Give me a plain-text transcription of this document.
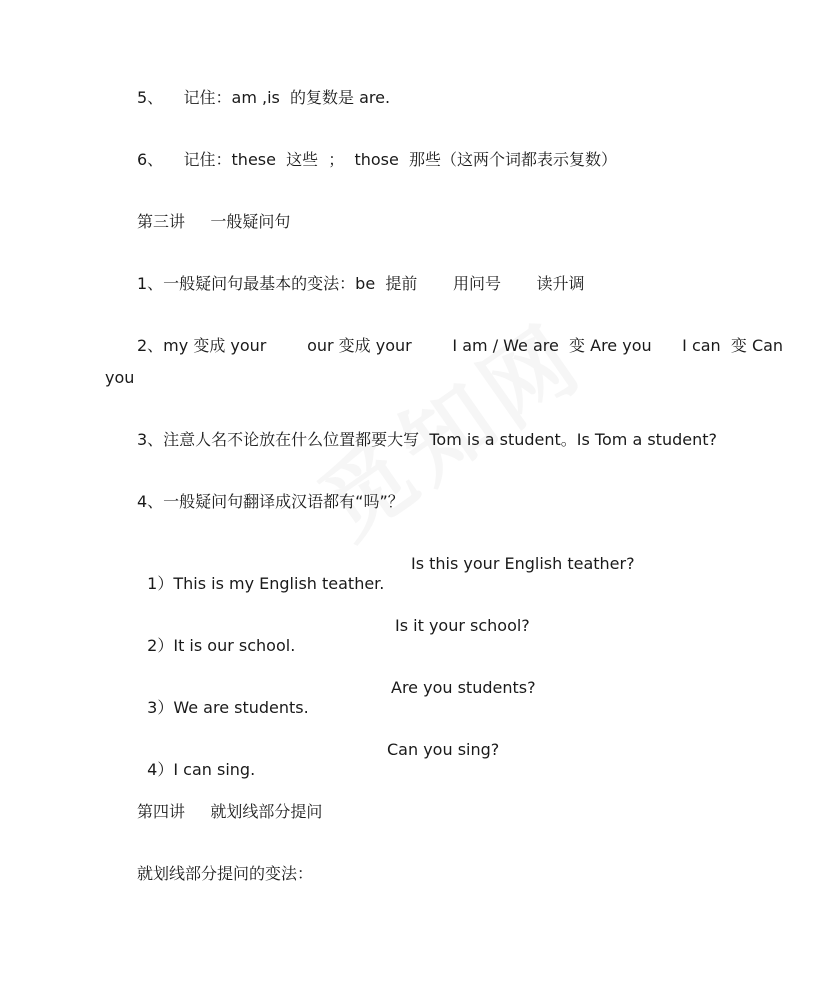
5、    记住：am ,is  的复数是 are.
6、    记住：these  这些  ；  those  那些（这两个词都表示复数）
第三讲     一般疑问句
1、一般疑问句最基本的变法：be  提前       用问号       读升调
2、my 变成 your        our 变成 your        I am / We are  变 Are you      I can  变 Can
you
3、注意人名不论放在什么位置都要大写  Tom is a student。Is Tom a student?
4、一般疑问句翻译成汉语都有“吗”？

1）This is my English teather.

Is this your English teather?

2）It is our school.

Is it your school?

3）We are students.

Are you students?

4）I can sing.

Can you sing?

第四讲     就划线部分提问
就划线部分提问的变法：
